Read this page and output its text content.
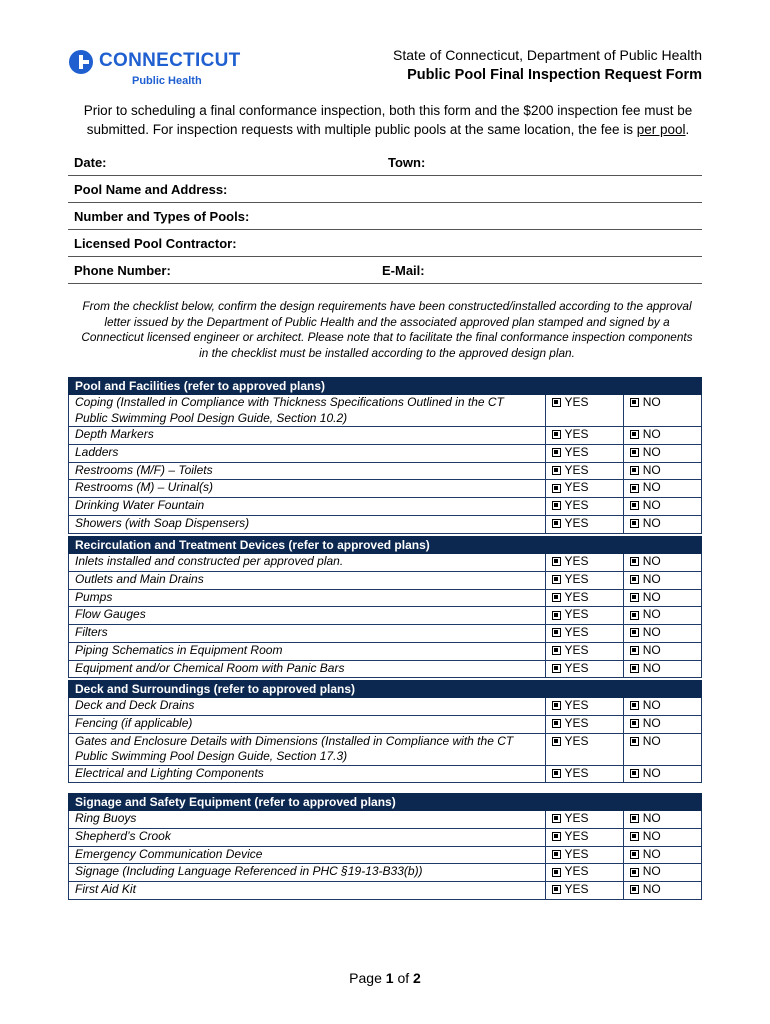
CONNECTICUT
Public Health
State of Connecticut, Department of Public Health
Public Pool Final Inspection Request Form
Prior to scheduling a final conformance inspection, both this form and the $200 inspection fee must be submitted. For inspection requests with multiple public pools at the same location, the fee is per pool.
Date:	Town:
Pool Name and Address:
Number and Types of Pools:
Licensed Pool Contractor:
Phone Number:	E-Mail:
From the checklist below, confirm the design requirements have been constructed/installed according to the approval letter issued by the Department of Public Health and the associated approved plan stamped and signed by a Connecticut licensed engineer or architect. Please note that to facilitate the final conformance inspection components in the checklist must be installed according to the approved design plan.
Pool and Facilities (refer to approved plans)		
Coping (Installed in Compliance with Thickness Specifications Outlined in the CT Public Swimming Pool Design Guide, Section 10.2)	YES	NO

Depth Markers	YES	NO

Ladders	YES	NO

Restrooms (M/F) – Toilets	YES	NO

Restrooms (M) – Urinal(s)	YES	NO

Drinking Water Fountain	YES	NO

Showers (with Soap Dispensers)	YES	NO
Recirculation and Treatment Devices (refer to approved plans)		
Inlets installed and constructed per approved plan.	YES	NO

Outlets and Main Drains	YES	NO

Pumps	YES	NO

Flow Gauges	YES	NO

Filters	YES	NO

Piping Schematics in Equipment Room	YES	NO

Equipment and/or Chemical Room with Panic Bars	YES	NO
Deck and Surroundings (refer to approved plans)		
Deck and Deck Drains	YES	NO

Fencing (if applicable)	YES	NO

Gates and Enclosure Details with Dimensions (Installed in Compliance with the CT Public Swimming Pool Design Guide, Section 17.3)	YES	NO

Electrical and Lighting Components	YES	NO
Signage and Safety Equipment (refer to approved plans)		
Ring Buoys	YES	NO

Shepherd’s Crook	YES	NO

Emergency Communication Device	YES	NO

Signage (Including Language Referenced in PHC §19-13-B33(b))	YES	NO

First Aid Kit	YES	NO
Page 1 of 2
